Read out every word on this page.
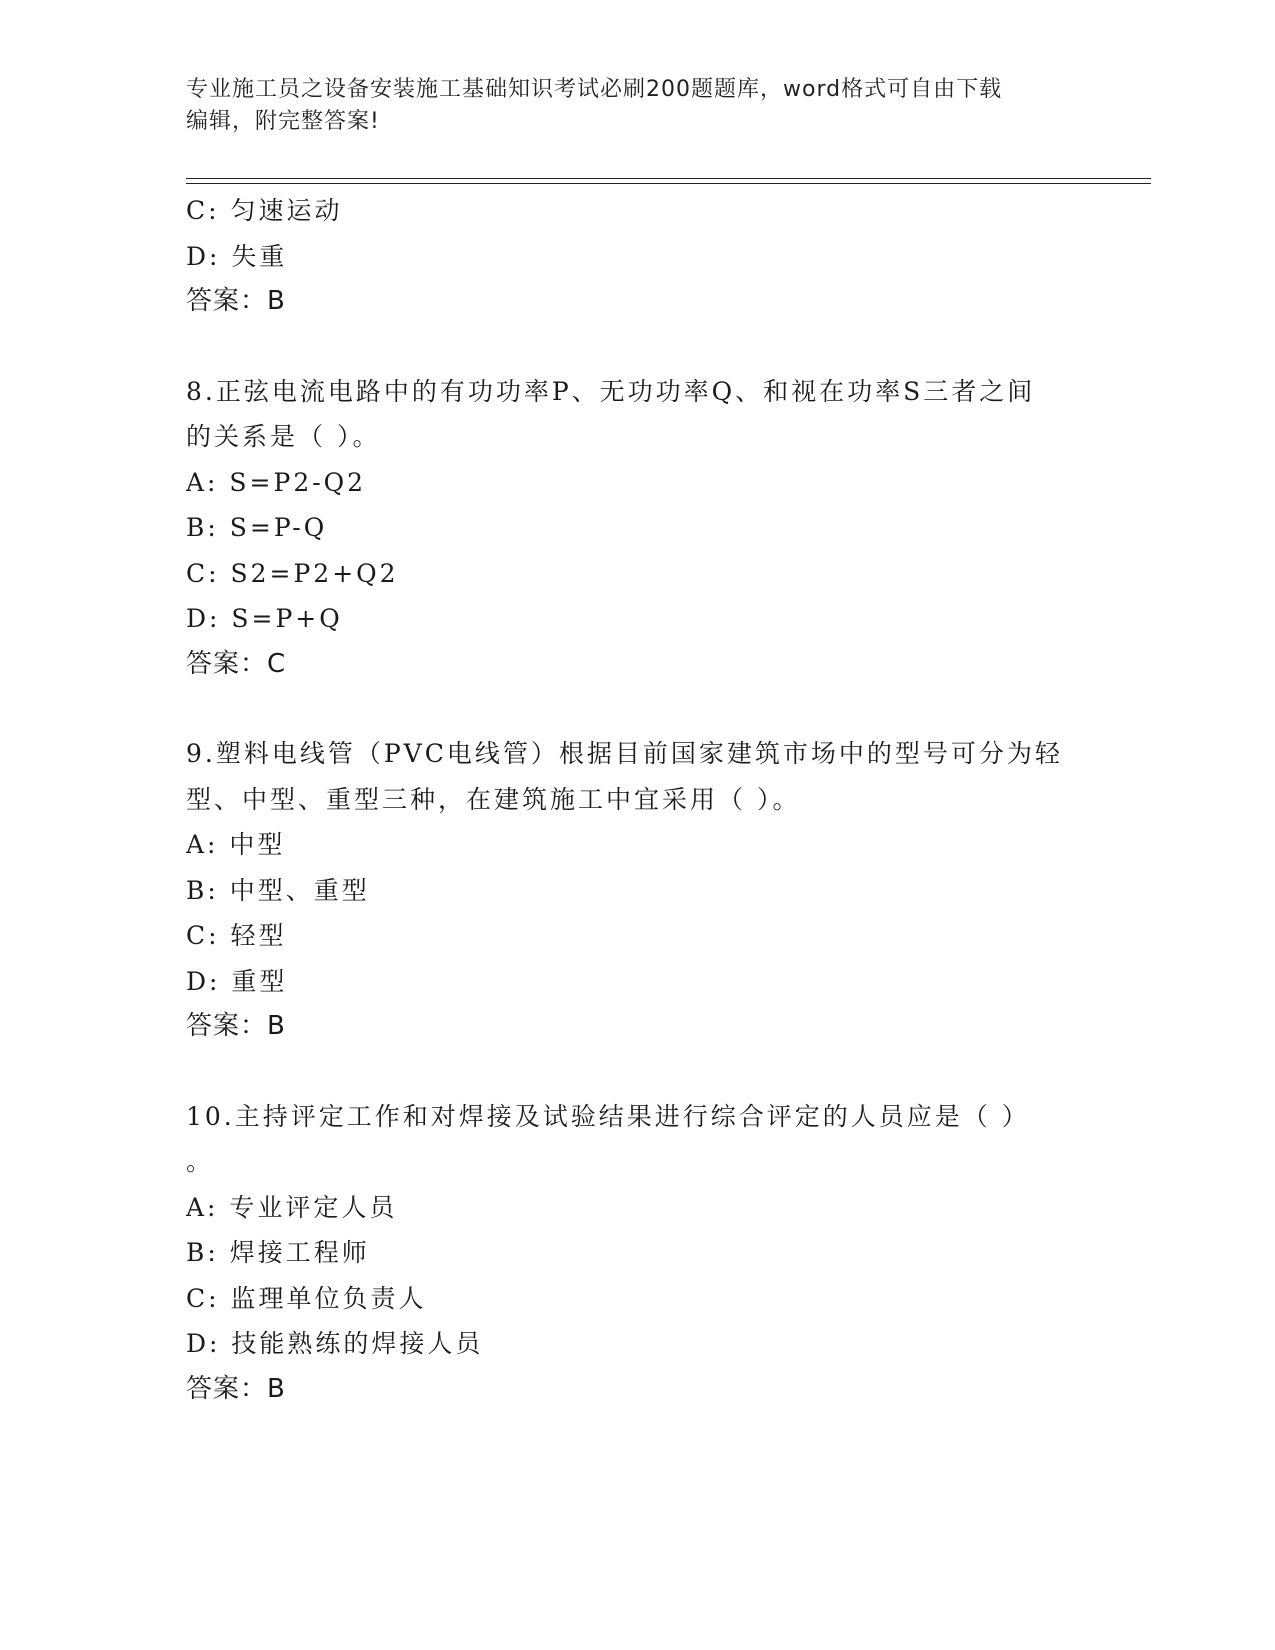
专业施工员之设备安装施工基础知识考试必刷200题题库，word格式可自由下载
编辑，附完整答案!
C: 匀速运动
D: 失重
答案：B
8.正弦电流电路中的有功功率P、无功功率Q、和视在功率S三者之间
的关系是（ ）。
A: S=P2-Q2
B: S=P-Q
C: S2=P2+Q2
D: S=P+Q
答案：C
9.塑料电线管（PVC电线管）根据目前国家建筑市场中的型号可分为轻
型、中型、重型三种，在建筑施工中宜采用（ ）。
A: 中型
B: 中型、重型
C: 轻型
D: 重型
答案：B
10.主持评定工作和对焊接及试验结果进行综合评定的人员应是（ ）
。
A: 专业评定人员
B: 焊接工程师
C: 监理单位负责人
D: 技能熟练的焊接人员
答案：B
